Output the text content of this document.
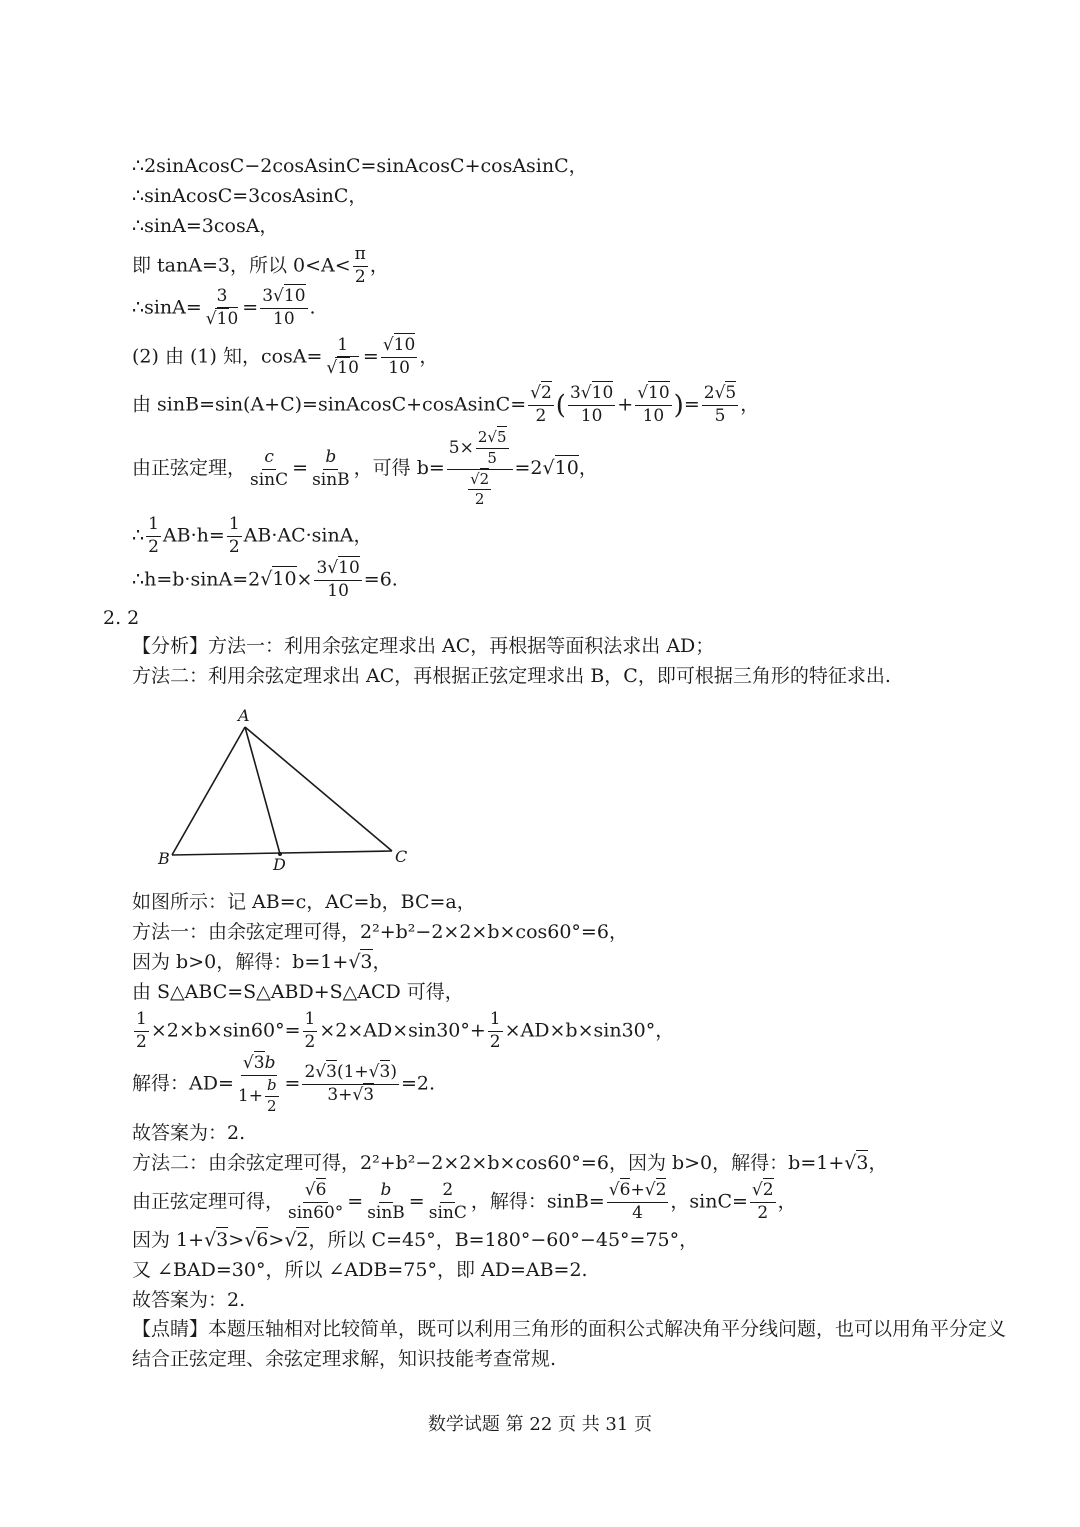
∴2sinAcosC−2cosAsinC=sinAcosC+cosAsinC，
∴sinAcosC=3cosAsinC，
∴sinA=3cosA，
即 tanA=3，所以 $0<A< \frac{\pi}{2}$ ，
∴sinA= 3
√ $10 = \frac{3√ 10}{10}$ .
(2) 由 (1) 知，cosA= 1
√ 10 =
√ $\frac{10}{10}$ ，
由 sinB=sin(A+C)=sinAcosC+cosAsinC=
√ $\frac{2}{2}$ ( $\frac{3√ 10}{10}$ +
√ $\frac{10}{10}$ )= $\frac{2√ 5}{5}$ ，
由正弦定理， $\frac{c}{\sin C} = \frac{b}{\sin B}$ ，可得 $b= 5\times \frac{2√ 5}{5}$
√ $\frac{2}{2} =2√$ 10，
∴ $\frac{1}{2} AB\cdot h= \frac{1}{2} AB\cdot AC\cdot\sin A$，
∴h=b·sinA=2√ $10\times \frac{3√ 10}{10} =6$.
2. 2
【分析】方法一：利用余弦定理求出 AC，再根据等面积法求出 AD；
方法二：利用余弦定理求出 AC，再根据正弦定理求出 B，C，即可根据三角形的特征求出.
A
B	C
D
如图所示：记 AB=c，AC=b，BC=a，
方法一：由余弦定理可得，2²+b²−2×2×b×cos60°=6，
因为 b>0，解得：b=1+√ 3，
由 S△ABC=S△ABD+S△ACD 可得，
$\frac{1}{2} \times 2\times b\times\sin 60^\circ= \frac{1}{2} \times 2\times AD\times\sin 30^\circ+ \frac{1}{2} \times AD\times b\times\sin 30^\circ$，
解得：AD=
√ $\frac{3b}{1+ \frac{b}{2}} = \frac{2√ 3(1+√ 3)}{3+√ 3} =2$.
故答案为：2.
方法二：由余弦定理可得，2²+b²−2×2×b×cos60°=6，因为 b>0，解得：b=1+√ 3，
由正弦定理可得，
√ $\frac{6}{\sin 60^\circ} = \frac{b}{\sin B} = \frac{2}{\sin C}$ ，解得：sinB=
√ $\frac{6+√ 2}{4}$ ，sinC=
√ $\frac{2}{2}$ ，
因为 1+√ 3>√ 6>√ 2，所以 C=45°，B=180°−60°−45°=75°，
又 ∠BAD=30°，所以 ∠ADB=75°，即 AD=AB=2.
故答案为：2.
【点睛】本题压轴相对比较简单，既可以利用三角形的面积公式解决角平分线问题，也可以用角平分定义
结合正弦定理、余弦定理求解，知识技能考查常规.
数学试题 第 22 页 共 31 页
